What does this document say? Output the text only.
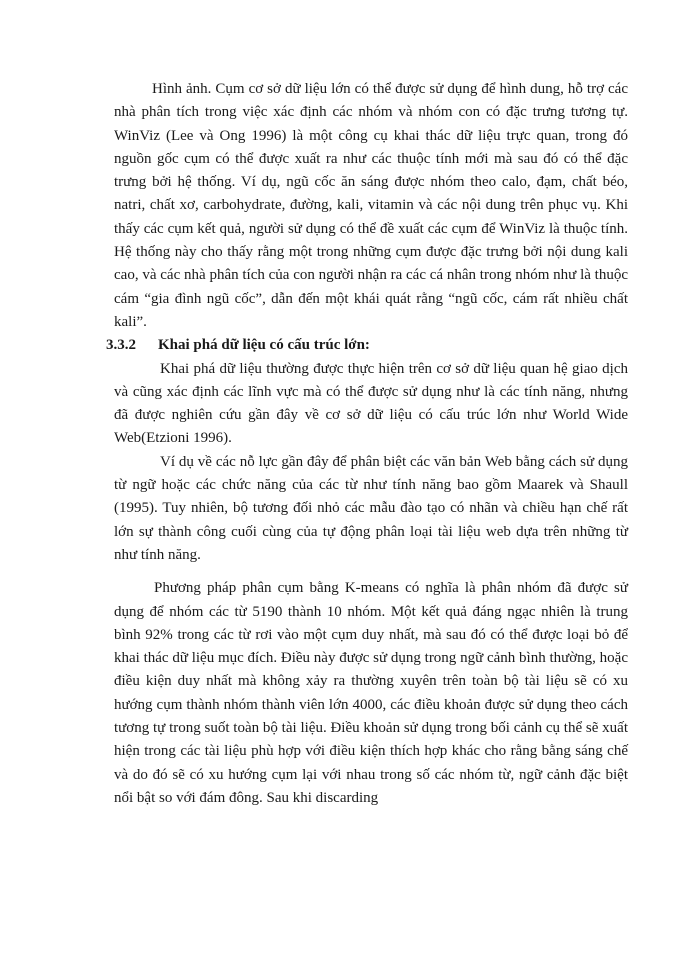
Hình ảnh. Cụm cơ sở dữ liệu lớn có thể được sử dụng để hình dung, hỗ trợ các nhà phân tích trong việc xác định các nhóm và nhóm con có đặc trưng tương tự. WinViz (Lee và Ong 1996) là một công cụ khai thác dữ liệu trực quan, trong đó nguồn gốc cụm có thể được xuất ra như các thuộc tính mới mà sau đó có thể đặc trưng bởi hệ thống. Ví dụ, ngũ cốc ăn sáng được nhóm theo calo, đạm, chất béo, natri, chất xơ, carbohydrate, đường, kali, vitamin và các nội dung trên phục vụ. Khi thấy các cụm kết quả, người sử dụng có thể đề xuất các cụm để WinViz là thuộc tính. Hệ thống này cho thấy rằng một trong những cụm được đặc trưng bởi nội dung kali cao, và các nhà phân tích của con người nhận ra các cá nhân trong nhóm như là thuộc cám “gia đình ngũ cốc”, dẫn đến một khái quát rằng “ngũ cốc, cám rất nhiều chất kali”.

3.3.2 Khai phá dữ liệu có cấu trúc lớn:

Khai phá dữ liệu thường được thực hiện trên cơ sở dữ liệu quan hệ giao dịch và cũng xác định các lĩnh vực mà có thể được sử dụng như là các tính năng, nhưng đã được nghiên cứu gần đây về cơ sở dữ liệu có cấu trúc lớn như World Wide Web(Etzioni 1996).

Ví dụ về các nỗ lực gần đây để phân biệt các văn bản Web bằng cách sử dụng từ ngữ hoặc các chức năng của các từ như tính năng bao gồm Maarek và Shaull (1995). Tuy nhiên, bộ tương đối nhỏ các mẫu đào tạo có nhãn và chiều hạn chế rất lớn sự thành công cuối cùng của tự động phân loại tài liệu web dựa trên những từ như tính năng.

Phương pháp phân cụm bằng K-means có nghĩa là phân nhóm đã được sử dụng để nhóm các từ 5190 thành 10 nhóm. Một kết quả đáng ngạc nhiên là trung bình 92% trong các từ rơi vào một cụm duy nhất, mà sau đó có thể được loại bỏ để khai thác dữ liệu mục đích. Điều này được sử dụng trong ngữ cảnh bình thường, hoặc điều kiện duy nhất mà không xảy ra thường xuyên trên toàn bộ tài liệu sẽ có xu hướng cụm thành nhóm thành viên lớn 4000, các điều khoản được sử dụng theo cách tương tự trong suốt toàn bộ tài liệu. Điều khoản sử dụng trong bối cảnh cụ thể sẽ xuất hiện trong các tài liệu phù hợp với điều kiện thích hợp khác cho rằng bằng sáng chế và do đó sẽ có xu hướng cụm lại với nhau trong số các nhóm từ, ngữ cảnh đặc biệt nổi bật so với đám đông. Sau khi discarding
